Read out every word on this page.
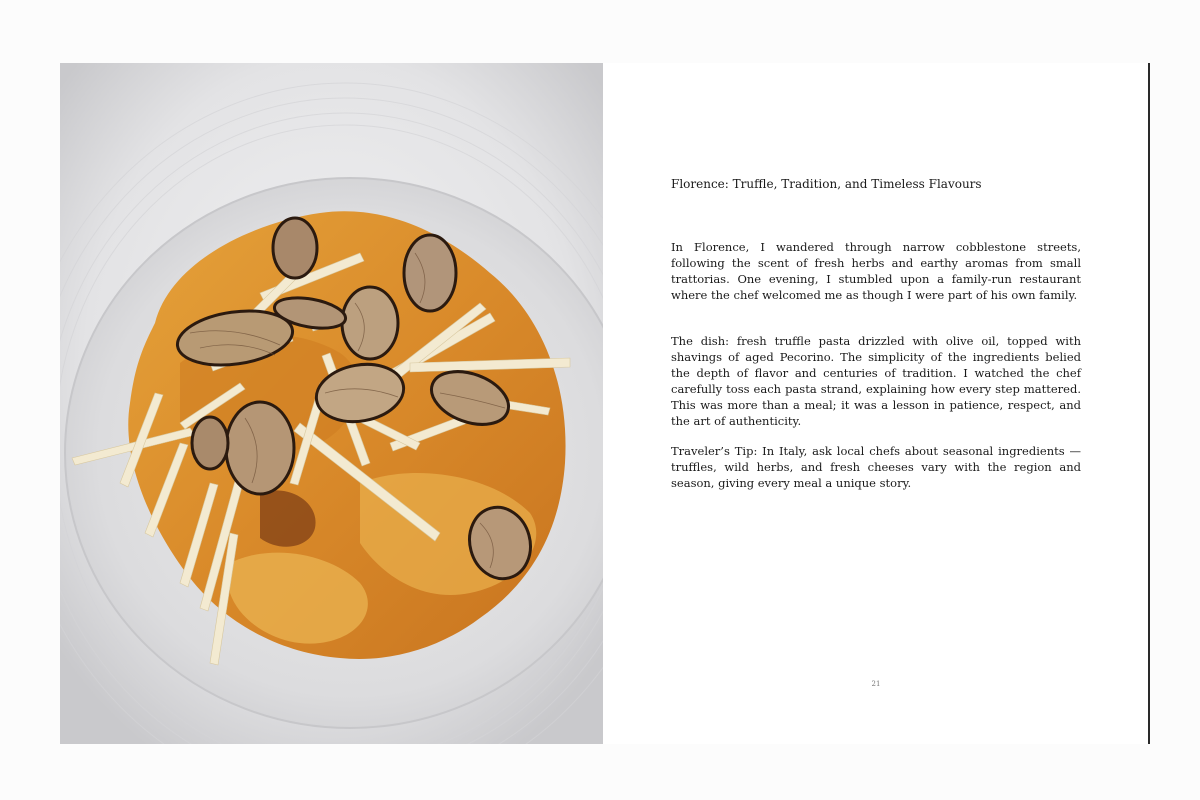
Florence: Truffle, Tradition, and Timeless Flavours

In Florence, I wandered through narrow cobblestone streets, following the scent of fresh herbs and earthy aromas from small trattorias. One evening, I stumbled upon a family-run restaurant where the chef welcomed me as though I were part of his own family.

The dish: fresh truffle pasta drizzled with olive oil, topped with shavings of aged Pecorino. The simplicity of the ingredients belied the depth of flavor and centuries of tradition. I watched the chef carefully toss each pasta strand, explaining how every step mattered. This was more than a meal; it was a lesson in patience, respect, and the art of authenticity.

Traveler’s Tip: In Italy, ask local chefs about seasonal ingredients — truffles, wild herbs, and fresh cheeses vary with the region and season, giving every meal a unique story.

21
